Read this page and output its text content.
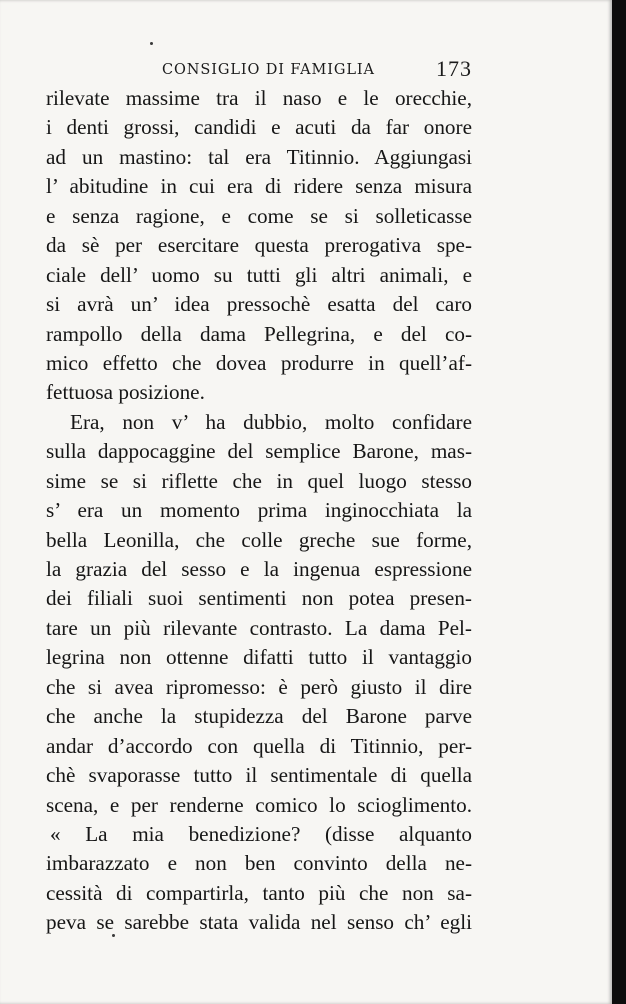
CONSIGLIO DI FAMIGLIA	173
rilevate massime tra il naso e le orecchie,
i denti grossi, candidi e acuti da far onore
ad un mastino: tal era Titinnio. Aggiungasi
l’ abitudine in cui era di ridere senza misura
e senza ragione, e come se si solleticasse
da sè per esercitare questa prerogativa spe-
ciale dell’ uomo su tutti gli altri animali, e
si avrà un’ idea pressochè esatta del caro
rampollo della dama Pellegrina, e del co-
mico effetto che dovea produrre in quell’af-
fettuosa posizione.
Era, non v’ ha dubbio, molto confidare
sulla dappocaggine del semplice Barone, mas-
sime se si riflette che in quel luogo stesso
s’ era un momento prima inginocchiata la
bella Leonilla, che colle greche sue forme,
la grazia del sesso e la ingenua espressione
dei filiali suoi sentimenti non potea presen-
tare un più rilevante contrasto. La dama Pel-
legrina non ottenne difatti tutto il vantaggio
che si avea ripromesso: è però giusto il dire
che anche la stupidezza del Barone parve
andar d’accordo con quella di Titinnio, per-
chè svaporasse tutto il sentimentale di quella
scena, e per renderne comico lo scioglimento.
« La mia benedizione? (disse alquanto
imbarazzato e non ben convinto della ne-
cessità di compartirla, tanto più che non sa-
peva se sarebbe stata valida nel senso ch’ egli
